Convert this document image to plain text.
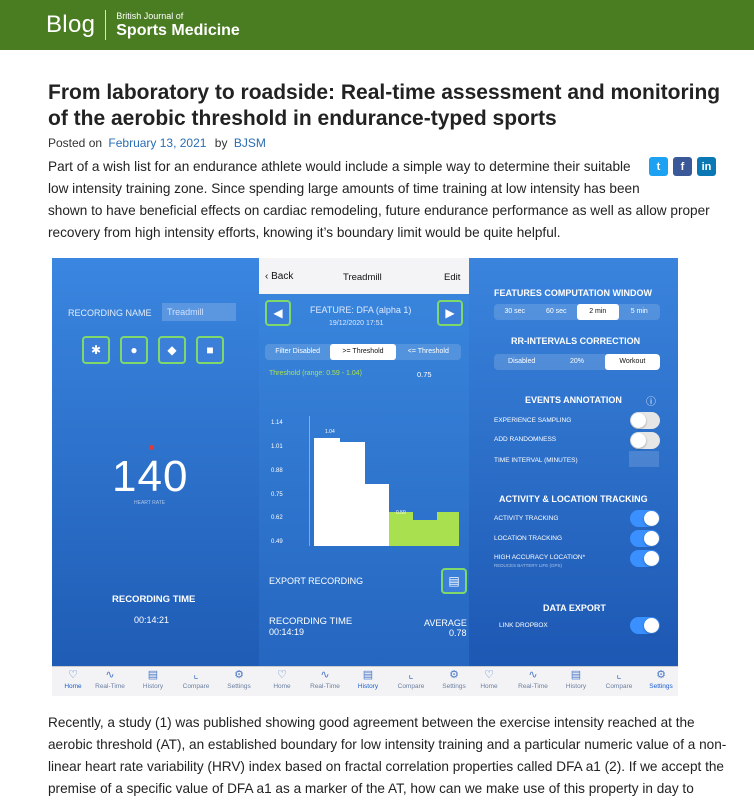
Blog British Journal of
Sports Medicine
From laboratory to roadside: Real-time assessment and monitoring of the aerobic threshold in endurance-typed sports
Posted on February 13, 2021 by BJSM
t	f	in

Part of a wish list for an endurance athlete would include a simple way to determine their suitable low intensity training zone. Since spending large amounts of time training at low intensity has been

shown to have beneficial effects on cardiac remodeling, future endurance performance as well as allow proper recovery from high intensity efforts, knowing it’s boundary limit would be quite helpful.

RECORDING NAME	Treadmill
✱	●	◆	■
140
HEART RATE
RECORDING TIME
00:14:21
‹ Back	Treadmill	Edit
◀	▶
FEATURE: DFA (alpha 1)
19/12/2020 17:51
Filter Disabled	>= Threshold	<= Threshold
Threshold (range: 0.59 - 1.04)	0.75
1.04
0.59
1.14
1.01
0.88
0.75
0.62
0.49
EXPORT RECORDING	▤
RECORDING TIME
00:14:19
AVERAGE
0.78
FEATURES COMPUTATION WINDOW
30 sec	60 sec	2 min	5 min
RR-INTERVALS CORRECTION
Disabled	20%	Workout
EVENTS ANNOTATION ⓘ
EXPERIENCE SAMPLING
ADD RANDOMNESS
TIME INTERVAL (MINUTES)
ACTIVITY & LOCATION TRACKING
ACTIVITY TRACKING
LOCATION TRACKING
HIGH ACCURACY LOCATION*
REDUCES BATTERY LIFE (GPS)
DATA EXPORT
LINK DROPBOX
♡
Home
∿
Real-Time
▤
History
⌞
Compare
⚙
Settings
♡
Home
∿
Real-Time
▤
History
⌞
Compare
⚙
Settings
♡
Home
∿
Real-Time
▤
History
⌞
Compare
⚙
Settings

Recently, a study (1) was published showing good agreement between the exercise intensity reached at the aerobic threshold (AT), an established boundary for low intensity training and a particular numeric value of a non-linear heart rate variability (HRV) index based on fractal correlation properties called DFA a1 (2). If we accept the premise of a specific value of DFA a1 as a marker of the AT, how can we make use of this property in day to
